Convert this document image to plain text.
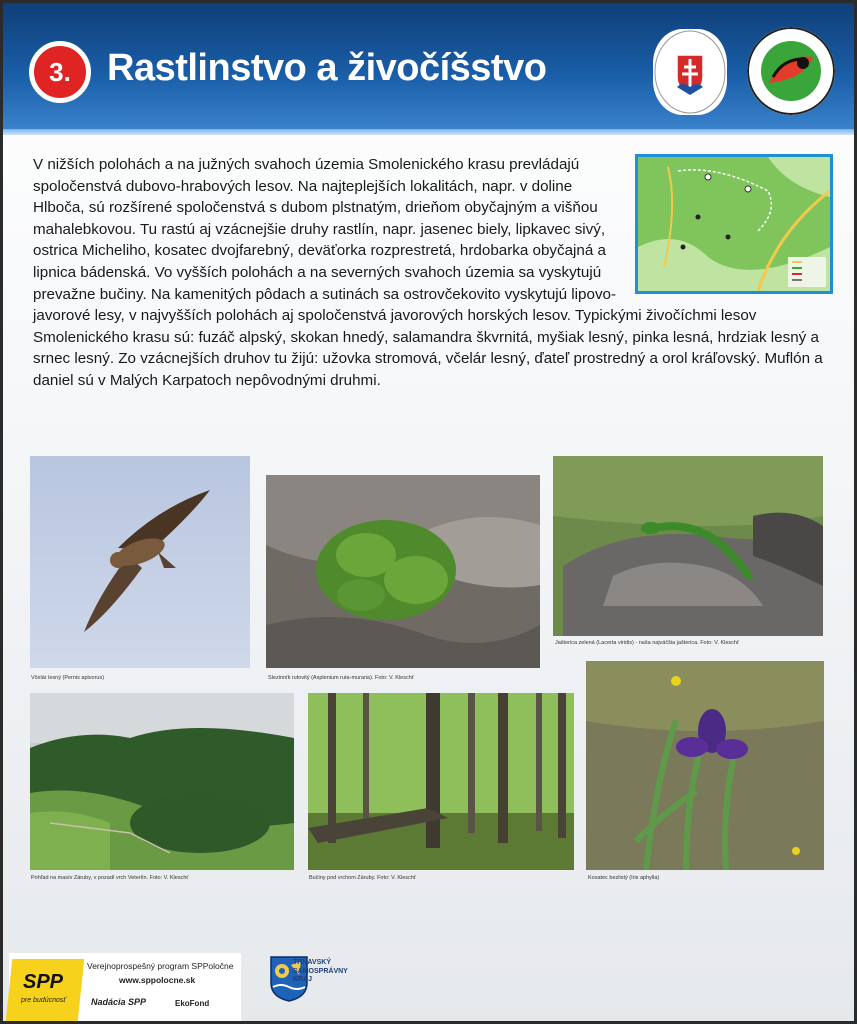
3. Rastlinstvo a živočíšstvo
V nižších polohách a na južných svahoch územia Smolenického krasu prevládajú spoločenstvá dubovo-hrabových lesov. Na najteplejších lokalitách, napr. v doline Hlboča, sú rozšírené spoločenstvá s dubom plstnatým, drieňom obyčajným a višňou mahalebkovou. Tu rastú aj vzácnejšie druhy rastlín, napr. jasenec biely, lipkavec sivý, ostrica Micheliho, kosatec dvojfarebný, deväťorka rozprestretá, hrdobarka obyčajná a lipnica bádenská. Vo vyšších polohách a na severných svahoch územia sa vyskytujú prevažne bučiny. Na kamenitých pôdach a sutinách sa ostrovčekovito vyskytujú lipovo-javorové lesy, v najvyšších polohách aj spoločenstvá javorových horských lesov. Typickými živočíchmi lesov Smolenického krasu sú: fuzáč alpský, skokan hnedý, salamandra škvrnitá, myšiak lesný, pinka lesná, hrdziak lesný a srnec lesný. Zo vzácnejších druhov tu žijú: užovka stromová, včelár lesný, ďateľ prostredný a orol kráľovský. Muflón a daniel sú v Malých Karpatoch nepôvodnými druhmi.
Včelár lesný (Pernis apivorus)	Slezinník rutovitý (Asplenium ruta-muraria). Foto: V. Kleschť
Jašterica zelená (Lacerta viridis) - naša najväčšia jašterica. Foto: V. Kleschť
Pohľad na masív Záruby, v pozadí vrch Veterlín. Foto: V. Kleschť	Bučiny pod vrchom Záruby. Foto: V. Kleschť	Kosatec bezlistý (Iris aphylla)
SPP
pre budúcnosť
Verejnoprospešný program SPPoločne
www.sppolocne.sk
Nadácia SPP	EkoFond
TRNAVSKÝ
SAMOSPRÁVNY
KRAJ
